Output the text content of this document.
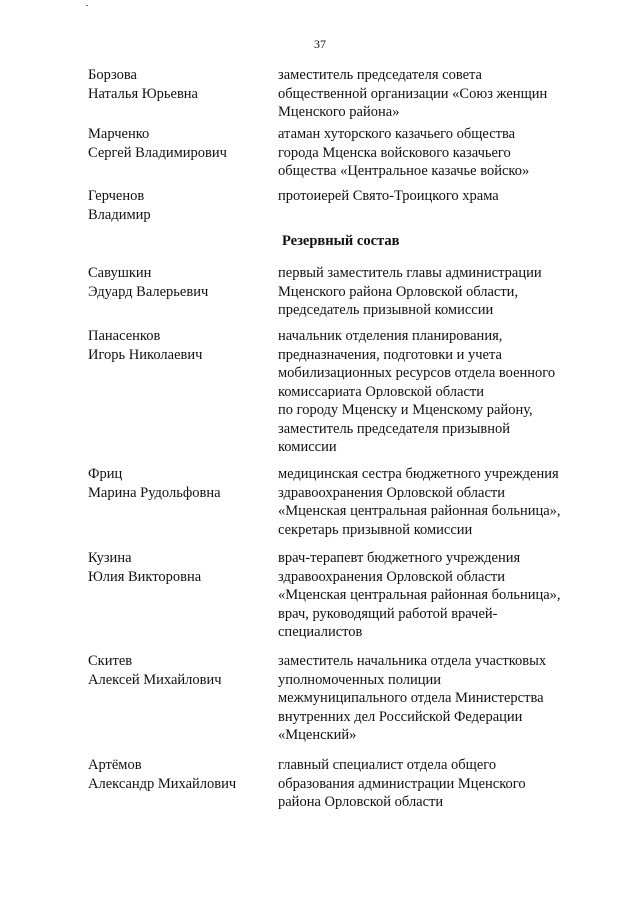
37
Резервный состав
Борзова
Наталья Юрьевна
заместитель председателя совета
общественной организации «Союз женщин
Мценского района»
Марченко
Сергей Владимирович
атаман хуторского казачьего общества
города Мценска войскового казачьего
общества «Центральное казачье войско»
Герченов
Владимир
протоиерей Свято-Троицкого храма
Савушкин
Эдуард Валерьевич
первый заместитель главы администрации
Мценского района Орловской области,
председатель призывной комиссии
Панасенков
Игорь Николаевич
начальник отделения планирования,
предназначения, подготовки и учета
мобилизационных ресурсов отдела военного
комиссариата Орловской области
по городу Мценску и Мценскому району,
заместитель председателя призывной
комиссии
Фриц
Марина Рудольфовна
медицинская сестра бюджетного учреждения
здравоохранения Орловской области
«Мценская центральная районная больница»,
секретарь призывной комиссии
Кузина
Юлия Викторовна
врач-терапевт бюджетного учреждения
здравоохранения Орловской области
«Мценская центральная районная больница»,
врач, руководящий работой врачей-
специалистов
Скитев
Алексей Михайлович
заместитель начальника отдела участковых
уполномоченных полиции
межмуниципального отдела Министерства
внутренних дел Российской Федерации
«Мценский»
Артёмов
Александр Михайлович
главный специалист отдела общего
образования администрации Мценского
района Орловской области
